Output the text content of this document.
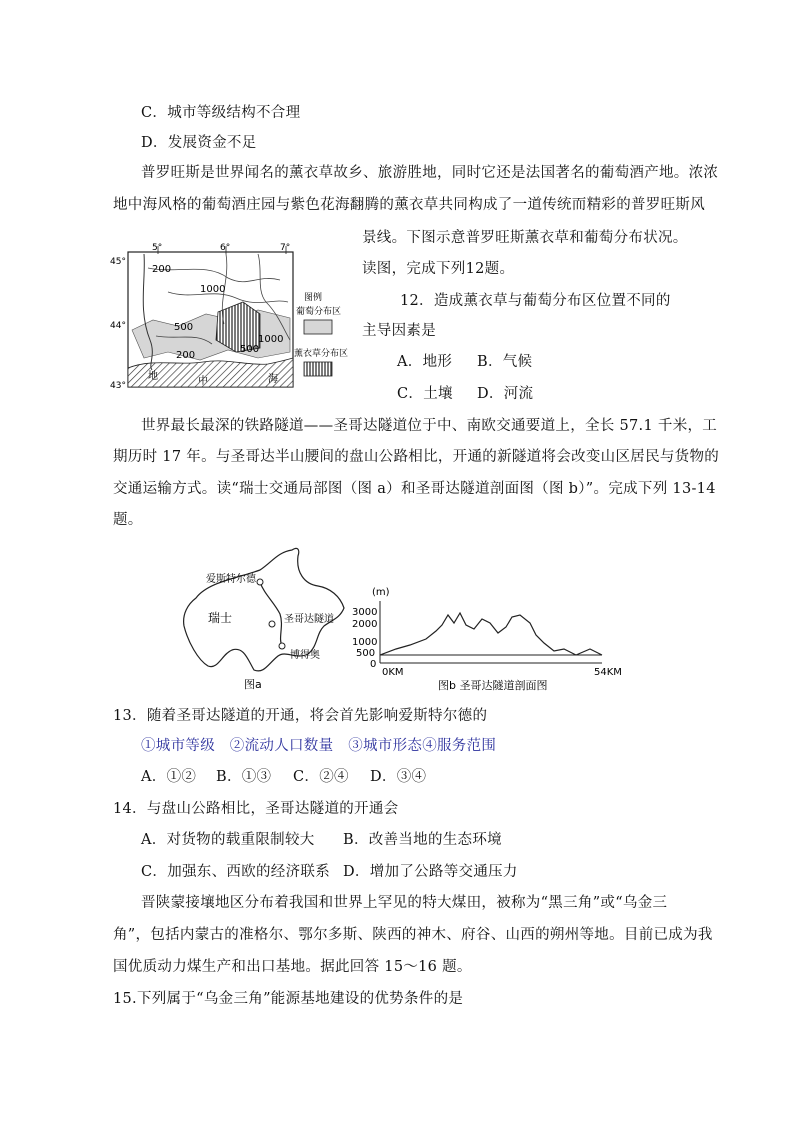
C．城市等级结构不合理
D．发展资金不足
普罗旺斯是世界闻名的薰衣草故乡、旅游胜地，同时它还是法国著名的葡萄酒产地。浓浓
地中海风格的葡萄酒庄园与紫色花海翻腾的薰衣草共同构成了一道传统而精彩的普罗旺斯风
景线。下图示意普罗旺斯薰衣草和葡萄分布状况。
读图，完成下列12题。
5°	6°	7°
45°
44°
43°
200
1000
500
1000
500
200
地	中	海
图例
葡萄分布区
薰衣草分布区
12．造成薰衣草与葡萄分布区位置不同的
主导因素是
A．地形 B．气候
C．土壤 D．河流
世界最长最深的铁路隧道——圣哥达隧道位于中、南欧交通要道上，全长 57.1 千米，工
期历时 17 年。与圣哥达半山腰间的盘山公路相比，开通的新隧道将会改变山区居民与货物的
交通运输方式。读“瑞士交通局部图（图 a）和圣哥达隧道剖面图（图 b）”。完成下列 13-14
题。
爱斯特尔德
瑞士	圣哥达隧道
博得奥
图a
(m)
3000
2000
1000
500
0
0KM	54KM
图b 圣哥达隧道剖面图
13．随着圣哥达隧道的开通，将会首先影响爱斯特尔德的
①城市等级　②流动人口数量　③城市形态④服务范围
A．①② B．①③ C．②④ D．③④
14．与盘山公路相比，圣哥达隧道的开通会
A．对货物的载重限制较大 B．改善当地的生态环境
C．加强东、西欧的经济联系 D．增加了公路等交通压力
晋陕蒙接壤地区分布着我国和世界上罕见的特大煤田，被称为“黑三角”或“乌金三
角”，包括内蒙古的准格尔、鄂尔多斯、陕西的神木、府谷、山西的朔州等地。目前已成为我
国优质动力煤生产和出口基地。据此回答 15～16 题。
15.下列属于“乌金三角”能源基地建设的优势条件的是
